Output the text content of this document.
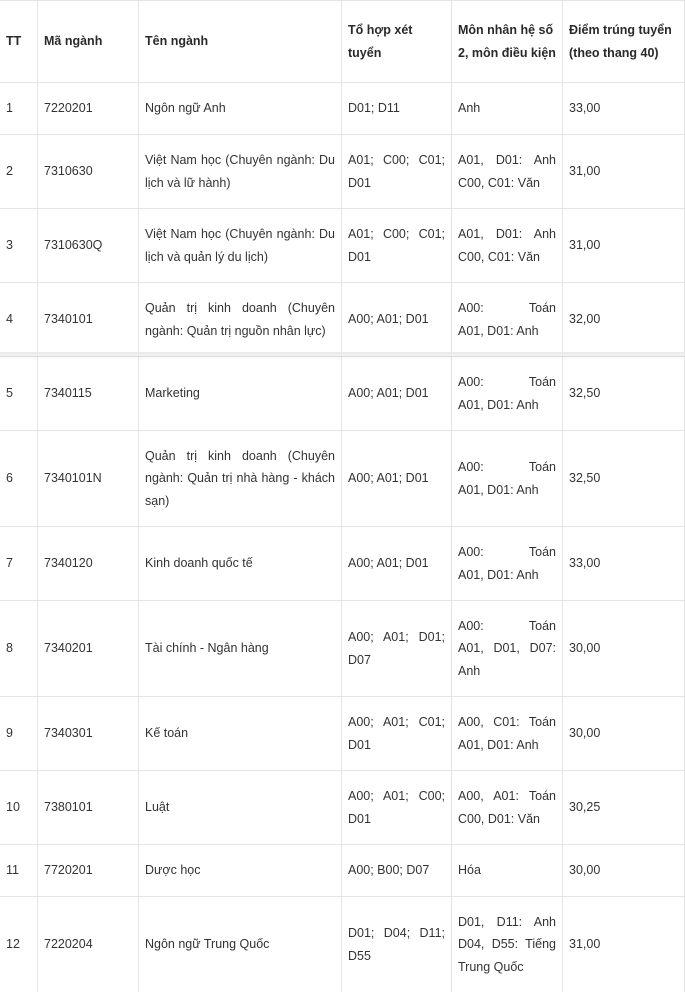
TT	Mã ngành	Tên ngành	Tổ hợp xét tuyển	Môn nhân hệ số
2, môn điều kiện	Điểm trúng tuyển
(theo thang 40)

1	7220201	Ngôn ngữ Anh	D01; D11	Anh	33,00
2	7310630	Việt Nam học (Chuyên ngành: Du
lịch và lữ hành)	A01; C00; C01;
D01	A01, D01: Anh
C00, C01: Văn	31,00
3	7310630Q	Việt Nam học (Chuyên ngành: Du
lịch và quản lý du lịch)	A01; C00; C01;
D01	A01, D01: Anh
C00, C01: Văn	31,00
4	7340101	Quản trị kinh doanh (Chuyên
ngành: Quản trị nguồn nhân lực)	A00; A01; D01	A00: Toán
A01, D01: Anh	32,00
5	7340115	Marketing	A00; A01; D01	A00: Toán
A01, D01: Anh	32,50
6	7340101N	Quản trị kinh doanh (Chuyên
ngành: Quản trị nhà hàng - khách
sạn)	A00; A01; D01	A00: Toán
A01, D01: Anh	32,50
7	7340120	Kinh doanh quốc tế	A00; A01; D01	A00: Toán
A01, D01: Anh	33,00
8	7340201	Tài chính - Ngân hàng	A00; A01; D01;
D07	A00: Toán
A01, D01, D07:
Anh	30,00
9	7340301	Kế toán	A00; A01; C01;
D01	A00, C01: Toán
A01, D01: Anh	30,00
10	7380101	Luật	A00; A01; C00;
D01	A00, A01: Toán
C00, D01: Văn	30,25
11	7720201	Dược học	A00; B00; D07	Hóa	30,00
12	7220204	Ngôn ngữ Trung Quốc	D01; D04; D11;
D55	D01, D11: Anh
D04, D55: Tiếng
Trung Quốc	31,00
